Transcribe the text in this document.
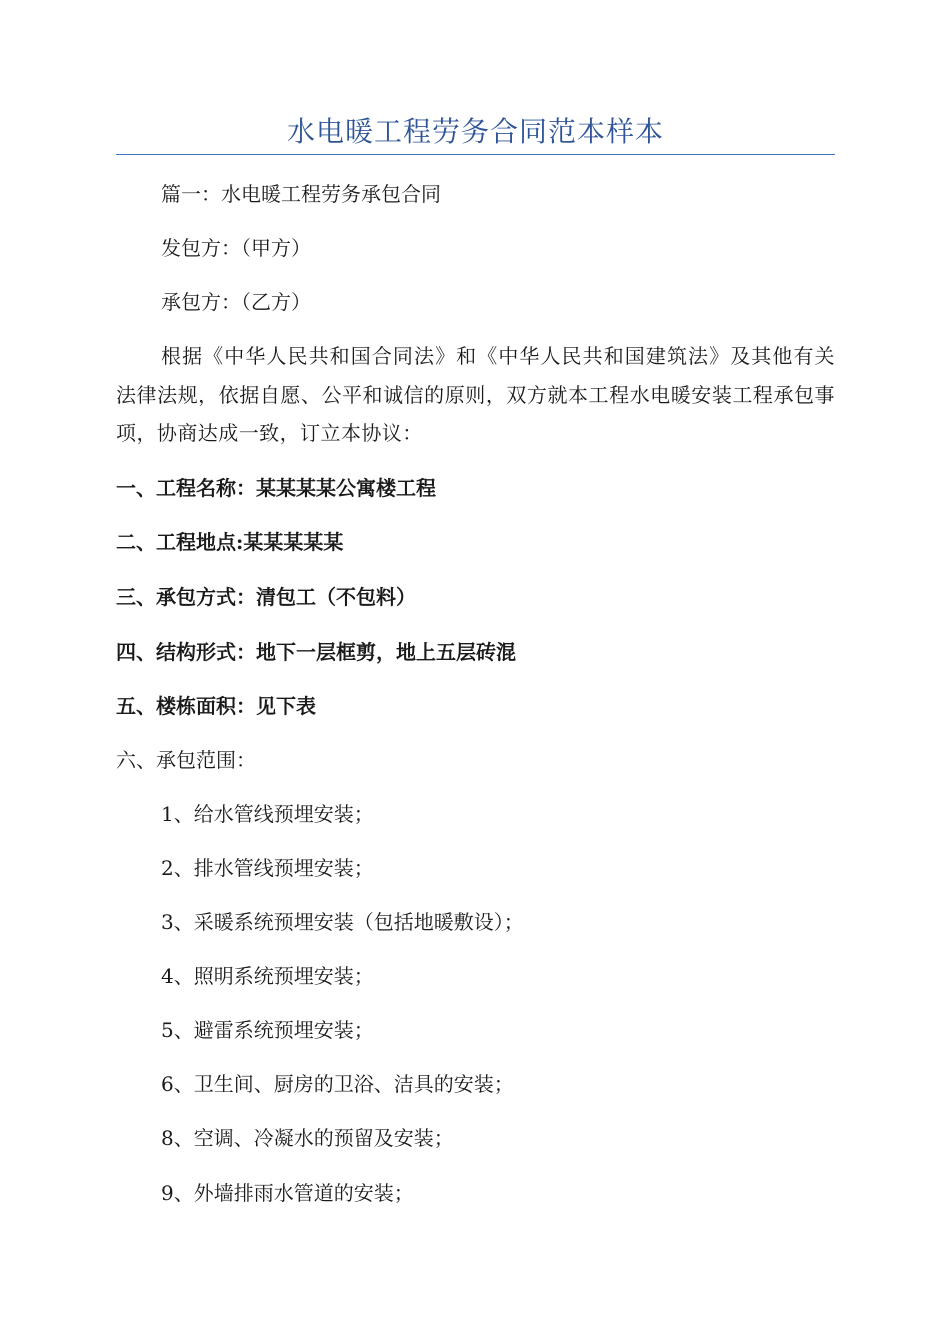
水电暖工程劳务合同范本样本
篇一：水电暖工程劳务承包合同
发包方：（甲方）
承包方：（乙方）
根据《中华人民共和国合同法》和《中华人民共和国建筑法》及其他有关法律法规，依据自愿、公平和诚信的原则，双方就本工程水电暖安装工程承包事项，协商达成一致，订立本协议：
一、工程名称：某某某某公寓楼工程
二、工程地点:某某某某某
三、承包方式：清包工（不包料）
四、结构形式：地下一层框剪，地上五层砖混
五、楼栋面积：见下表
六、承包范围：
1、给水管线预埋安装；
2、排水管线预埋安装；
3、采暖系统预埋安装（包括地暖敷设）；
4、照明系统预埋安装；
5、避雷系统预埋安装；
6、卫生间、厨房的卫浴、洁具的安装；
8、空调、冷凝水的预留及安装；
9、外墙排雨水管道的安装；
